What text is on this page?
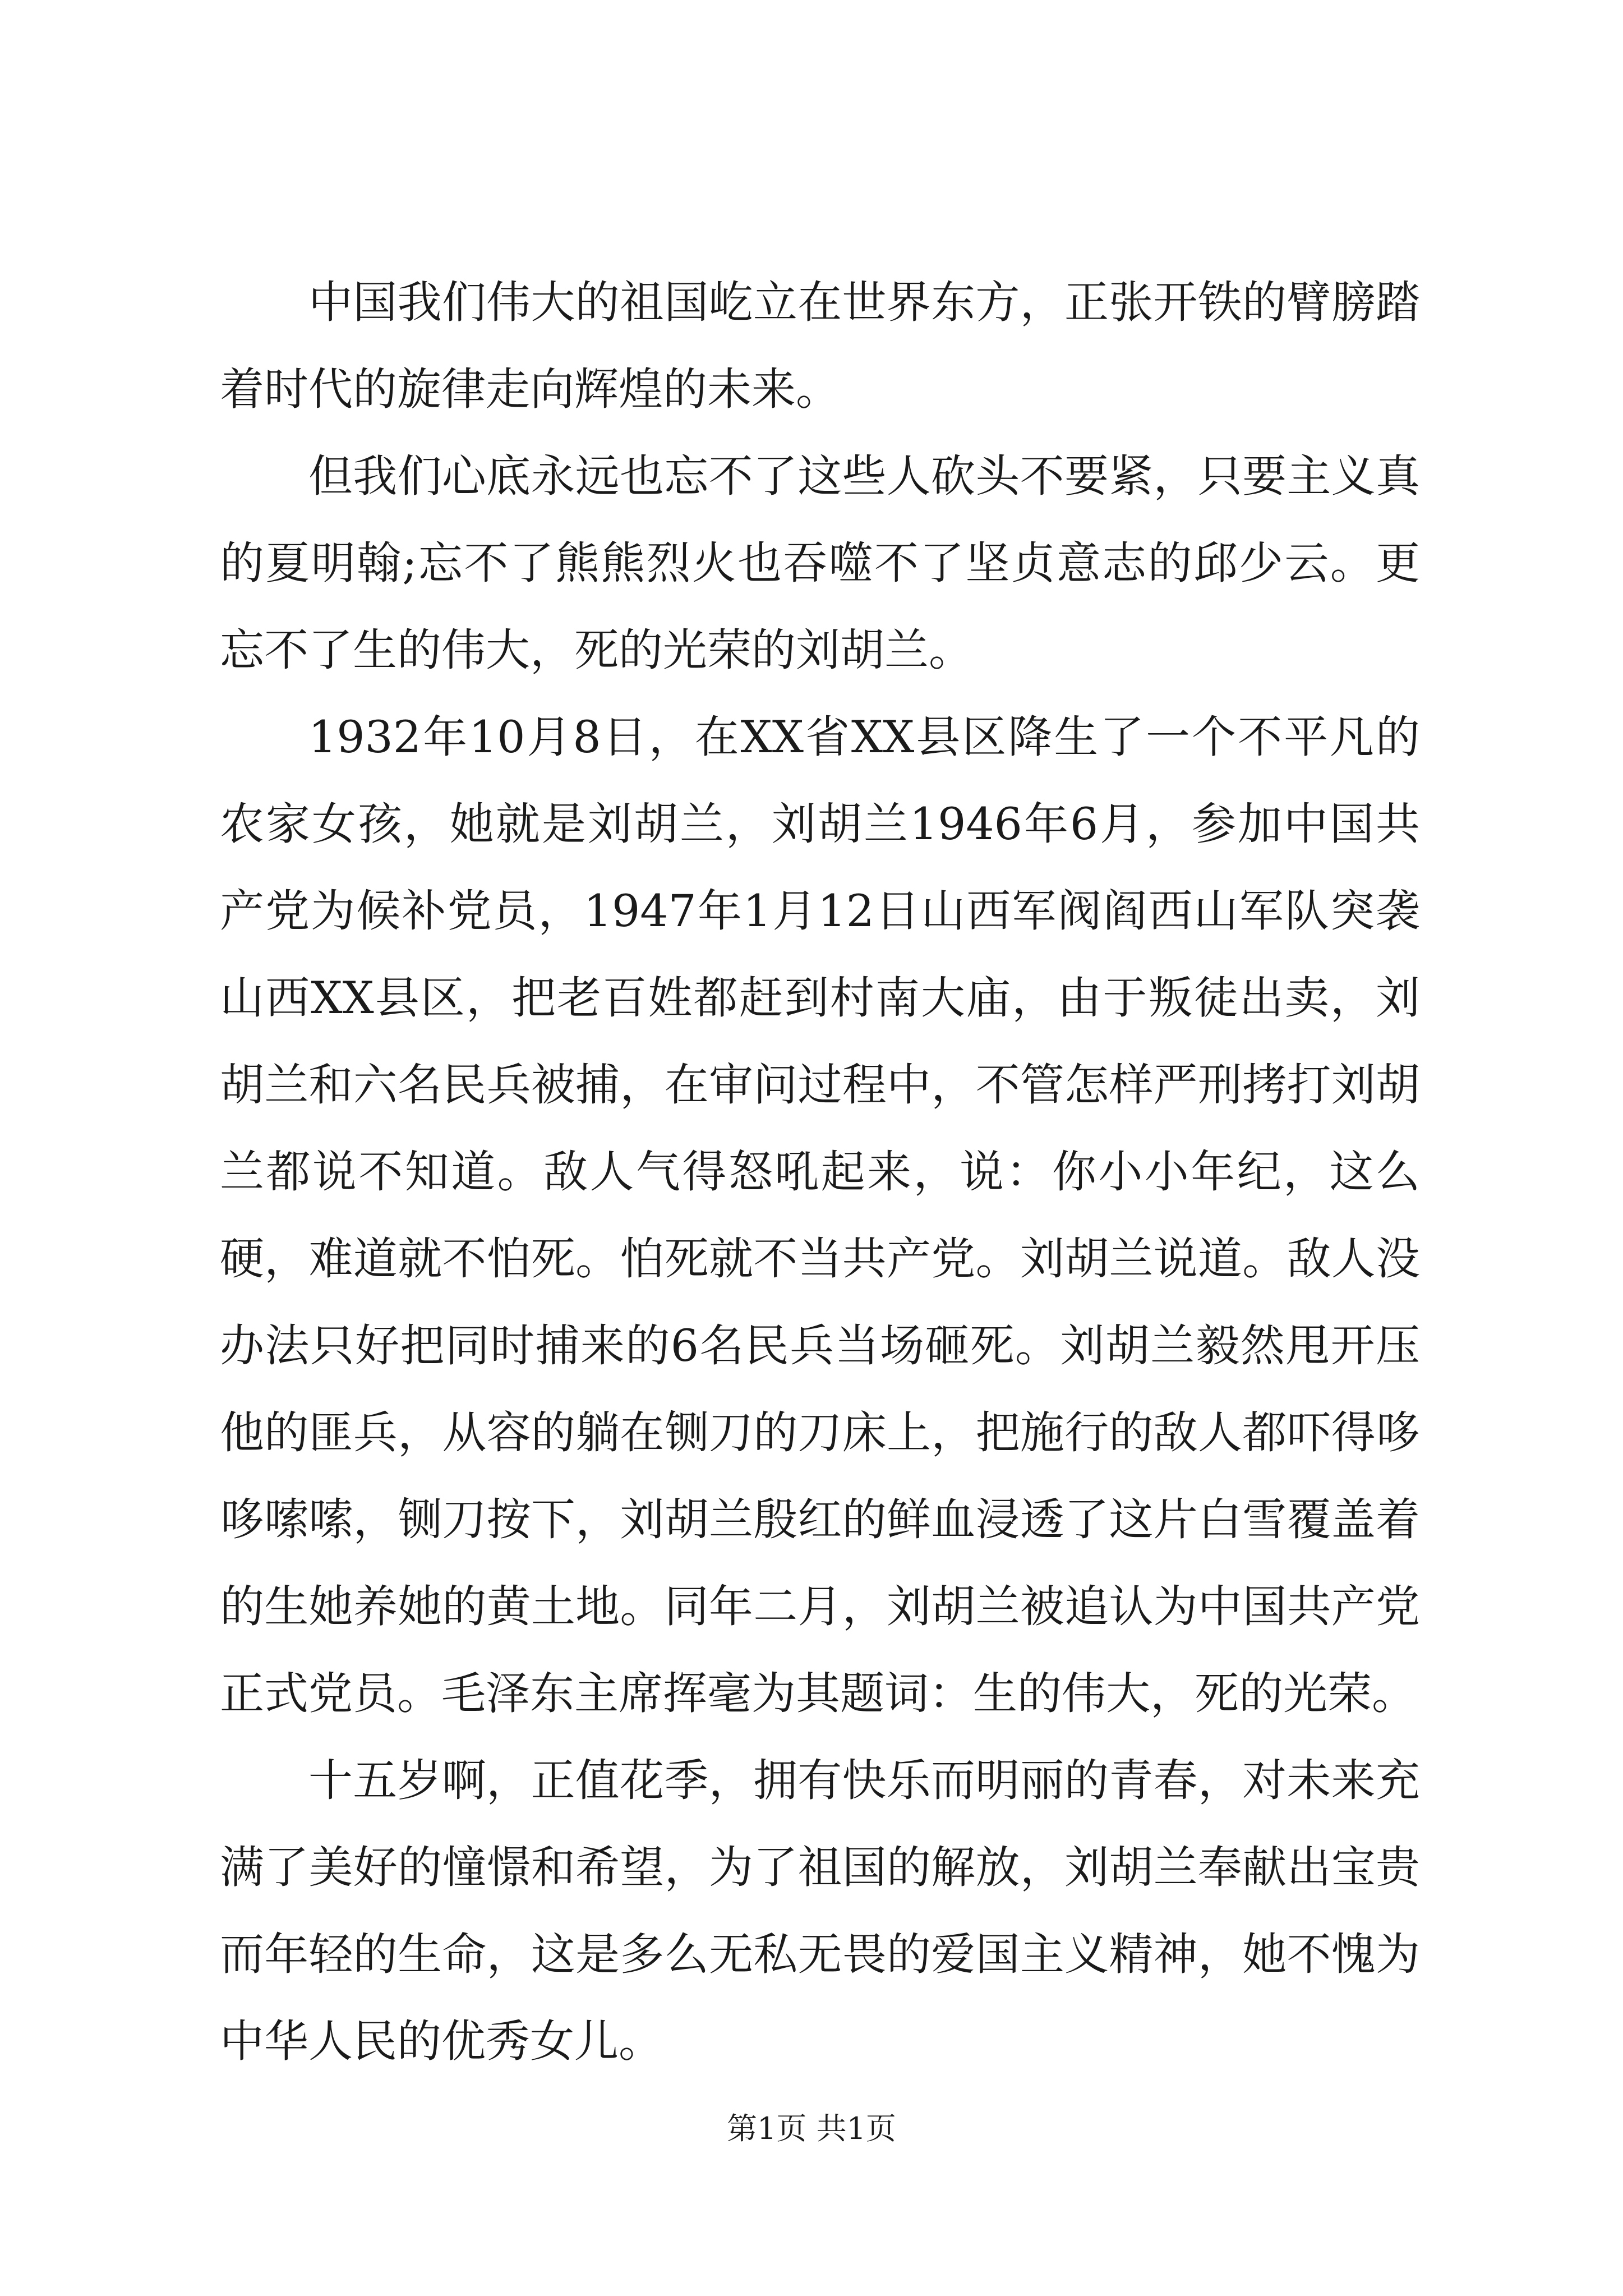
中国我们伟大的祖国屹立在世界东方，正张开铁的臂膀踏着时代的旋律走向辉煌的未来。

但我们心底永远也忘不了这些人砍头不要紧，只要主义真的夏明翰;忘不了熊熊烈火也吞噬不了坚贞意志的邱少云。更忘不了生的伟大，死的光荣的刘胡兰。

1932年10月8日，在XX省XX县区降生了一个不平凡的农家女孩，她就是刘胡兰，刘胡兰1946年6月，参加中国共产党为候补党员，1947年1月12日山西军阀阎西山军队突袭山西XX县区，把老百姓都赶到村南大庙，由于叛徒出卖，刘胡兰和六名民兵被捕，在审问过程中，不管怎样严刑拷打刘胡兰都说不知道。敌人气得怒吼起来，说：你小小年纪，这么硬，难道就不怕死。怕死就不当共产党。刘胡兰说道。敌人没办法只好把同时捕来的6名民兵当场砸死。刘胡兰毅然甩开压他的匪兵，从容的躺在铡刀的刀床上，把施行的敌人都吓得哆哆嗦嗦，铡刀按下，刘胡兰殷红的鲜血浸透了这片白雪覆盖着的生她养她的黄土地。同年二月，刘胡兰被追认为中国共产党正式党员。毛泽东主席挥毫为其题词：生的伟大，死的光荣。

十五岁啊，正值花季，拥有快乐而明丽的青春，对未来充满了美好的憧憬和希望，为了祖国的解放，刘胡兰奉献出宝贵而年轻的生命，这是多么无私无畏的爱国主义精神，她不愧为中华人民的优秀女儿。

第1页 共1页
